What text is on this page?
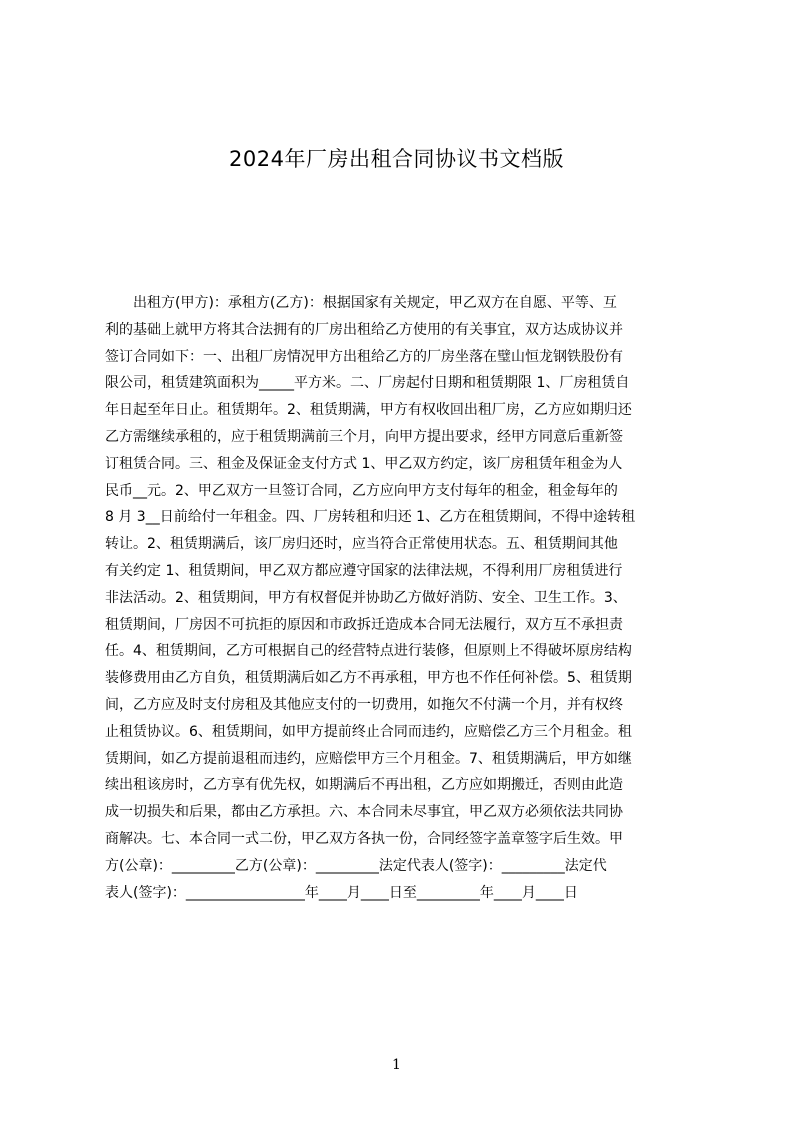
2024年厂房出租合同协议书文档版
　　出租方(甲方)：承租方(乙方)：根据国家有关规定，甲乙双方在自愿、平等、互
利的基础上就甲方将其合法拥有的厂房出租给乙方使用的有关事宜，双方达成协议并
签订合同如下：一、出租厂房情况甲方出租给乙方的厂房坐落在璧山恒龙钢铁股份有
限公司，租赁建筑面积为_____平方米。二、厂房起付日期和租赁期限 1、厂房租赁自
年日起至年日止。租赁期年。2、租赁期满，甲方有权收回出租厂房，乙方应如期归还
乙方需继续承租的，应于租赁期满前三个月，向甲方提出要求，经甲方同意后重新签
订租赁合同。三、租金及保证金支付方式 1、甲乙双方约定，该厂房租赁年租金为人
民币__元。2、甲乙双方一旦签订合同，乙方应向甲方支付每年的租金，租金每年的
8 月 3__日前给付一年租金。四、厂房转租和归还 1、乙方在租赁期间，不得中途转租
转让。2、租赁期满后，该厂房归还时，应当符合正常使用状态。五、租赁期间其他
有关约定 1、租赁期间，甲乙双方都应遵守国家的法律法规，不得利用厂房租赁进行
非法活动。2、租赁期间，甲方有权督促并协助乙方做好消防、安全、卫生工作。3、
租赁期间，厂房因不可抗拒的原因和市政拆迁造成本合同无法履行，双方互不承担责
任。4、租赁期间，乙方可根据自己的经营特点进行装修，但原则上不得破坏原房结构
装修费用由乙方自负，租赁期满后如乙方不再承租，甲方也不作任何补偿。5、租赁期
间，乙方应及时支付房租及其他应支付的一切费用，如拖欠不付满一个月，并有权终
止租赁协议。6、租赁期间，如甲方提前终止合同而违约，应赔偿乙方三个月租金。租
赁期间，如乙方提前退租而违约，应赔偿甲方三个月租金。7、租赁期满后，甲方如继
续出租该房时，乙方享有优先权，如期满后不再出租，乙方应如期搬迁，否则由此造
成一切损失和后果，都由乙方承担。六、本合同未尽事宜，甲乙双方必须依法共同协
商解决。七、本合同一式二份，甲乙双方各执一份，合同经签字盖章签字后生效。甲
方(公章)：_________乙方(公章)：_________法定代表人(签字)：_________法定代
表人(签字)：_________________年____月____日至_________年____月____日
1
